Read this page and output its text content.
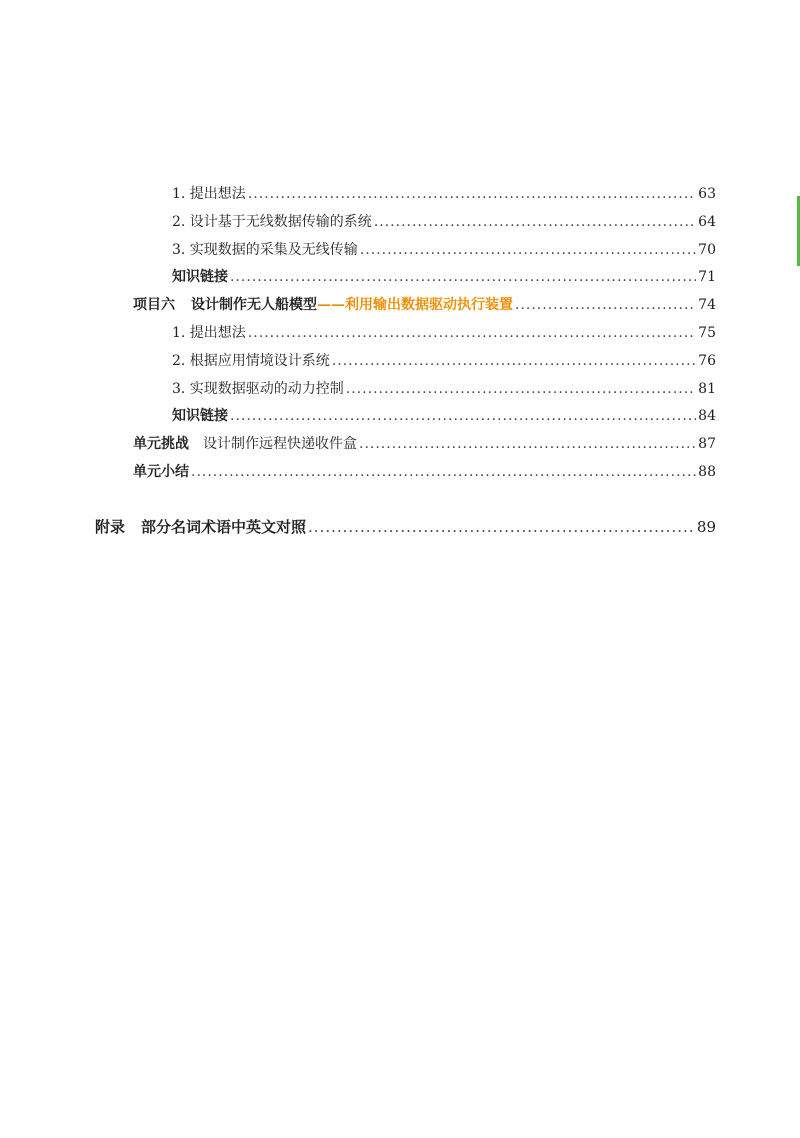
1. 提出想法 .....	63
2. 设计基于无线数据传输的系统 .....	64
3. 实现数据的采集及无线传输 .....	70
知识链接 .....	71
项目六 设计制作无人船模型——利用输出数据驱动执行装置 .....	74
1. 提出想法 .....	75
2. 根据应用情境设计系统 .....	76
3. 实现数据驱动的动力控制 .....	81
知识链接 .....	84
单元挑战 设计制作远程快递收件盒 .....	87
单元小结 .....	88
附录 部分名词术语中英文对照 .....	89
